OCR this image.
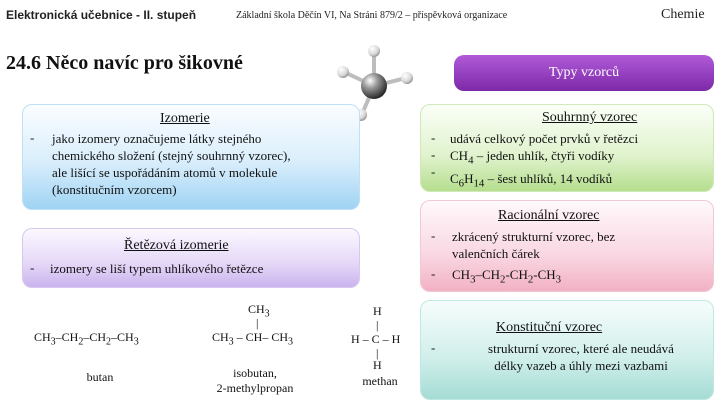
Elektronická učebnice - II. stupeň	Základní škola Děčín VI, Na Stráni 879/2 – příspěvková organizace	Chemie
24.6 Něco navíc pro šikovné	Typy vzorců
Izomerie
- jako izomery označujeme látky stejného
chemického složení (stejný souhrnný vzorec),
ale lišící se uspořádáním atomů v molekule
(konstitučním vzorcem)
Řetězová izomerie
- izomery se liší typem uhlíkového řetězce
$CH_3-CH_2-CH_2-CH_3$
butan
$CH_3$
|
$CH_3 - CH-$ $CH_3$
isobutan,
2-methylpropan
H
|
H – C – H
|
H
methan
Souhrnný vzorec
-
-
-
udává celkový počet prvků v řetězci
$CH_4$ – jeden uhlík, čtyři vodíky
$C_6H_{14}$ – šest uhlíků, 14 vodíků
Racionální vzorec
-
-
zkrácený strukturní vzorec, bez
valenčních čárek
$CH_3-CH_2-CH_2-CH_3$
Konstituční vzorec
-	strukturní vzorec, které ale neudává
délky vazeb a úhly mezi vazbami
